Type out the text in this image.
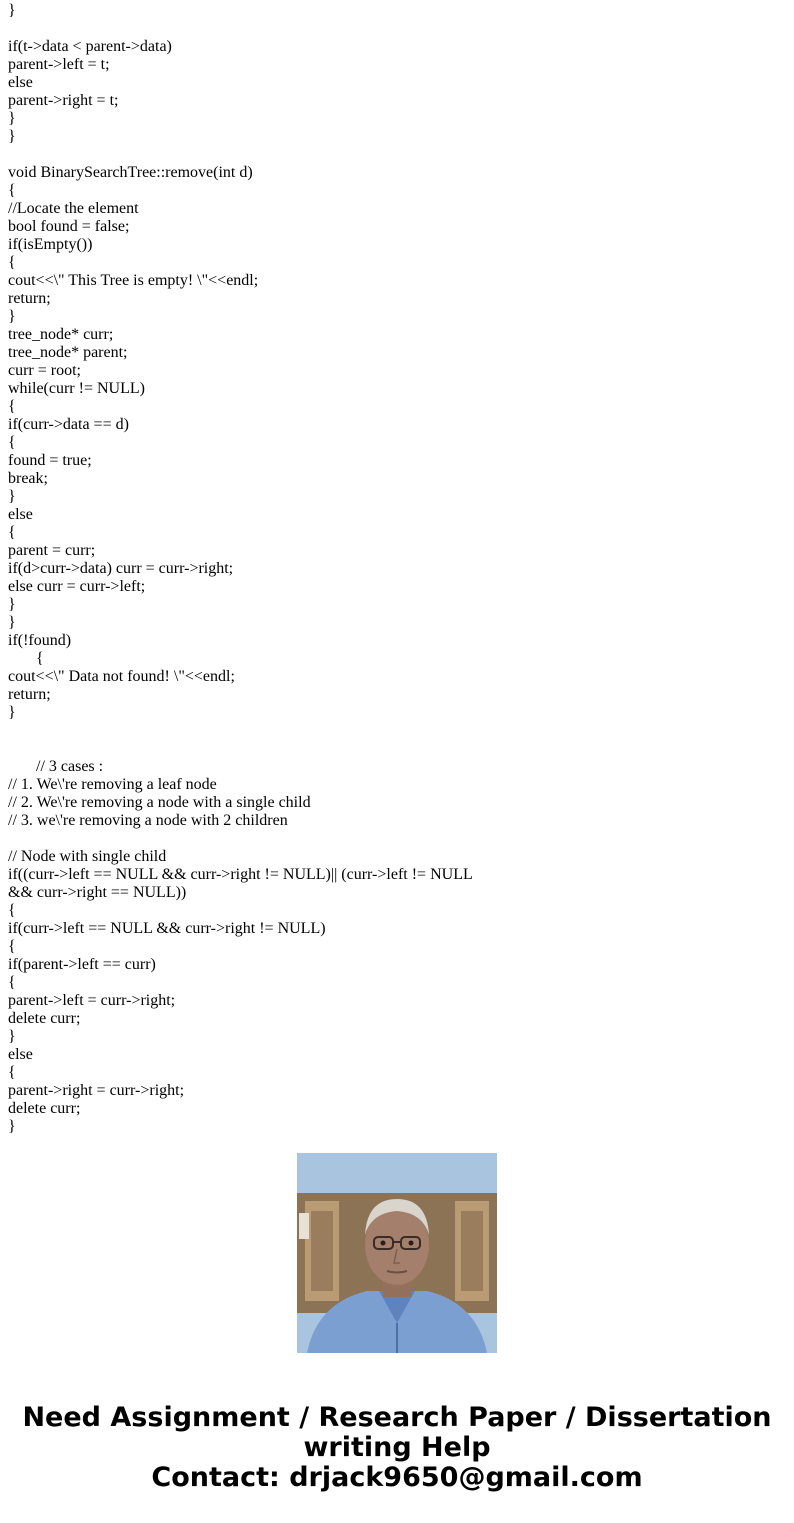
}
if(t->data < parent->data)
parent->left = t;
else
parent->right = t;
}
}
void BinarySearchTree::remove(int d)
{
//Locate the element
bool found = false;
if(isEmpty())
{
cout<<\" This Tree is empty! \"<<endl;
return;
}
tree_node* curr;
tree_node* parent;
curr = root;
while(curr != NULL)
{
if(curr->data == d)
{
found = true;
break;
}
else
{
parent = curr;
if(d>curr->data) curr = curr->right;
else curr = curr->left;
}
}
if(!found)
{
cout<<\" Data not found! \"<<endl;
return;
}
// 3 cases :
// 1. We\'re removing a leaf node
// 2. We\'re removing a node with a single child
// 3. we\'re removing a node with 2 children
// Node with single child
if((curr->left == NULL && curr->right != NULL)|| (curr->left != NULL
&& curr->right == NULL))
{
if(curr->left == NULL && curr->right != NULL)
{
if(parent->left == curr)
{
parent->left = curr->right;
delete curr;
}
else
{
parent->right = curr->right;
delete curr;
}
Need Assignment / Research Paper / Dissertation
writing Help
Contact: drjack9650@gmail.com
